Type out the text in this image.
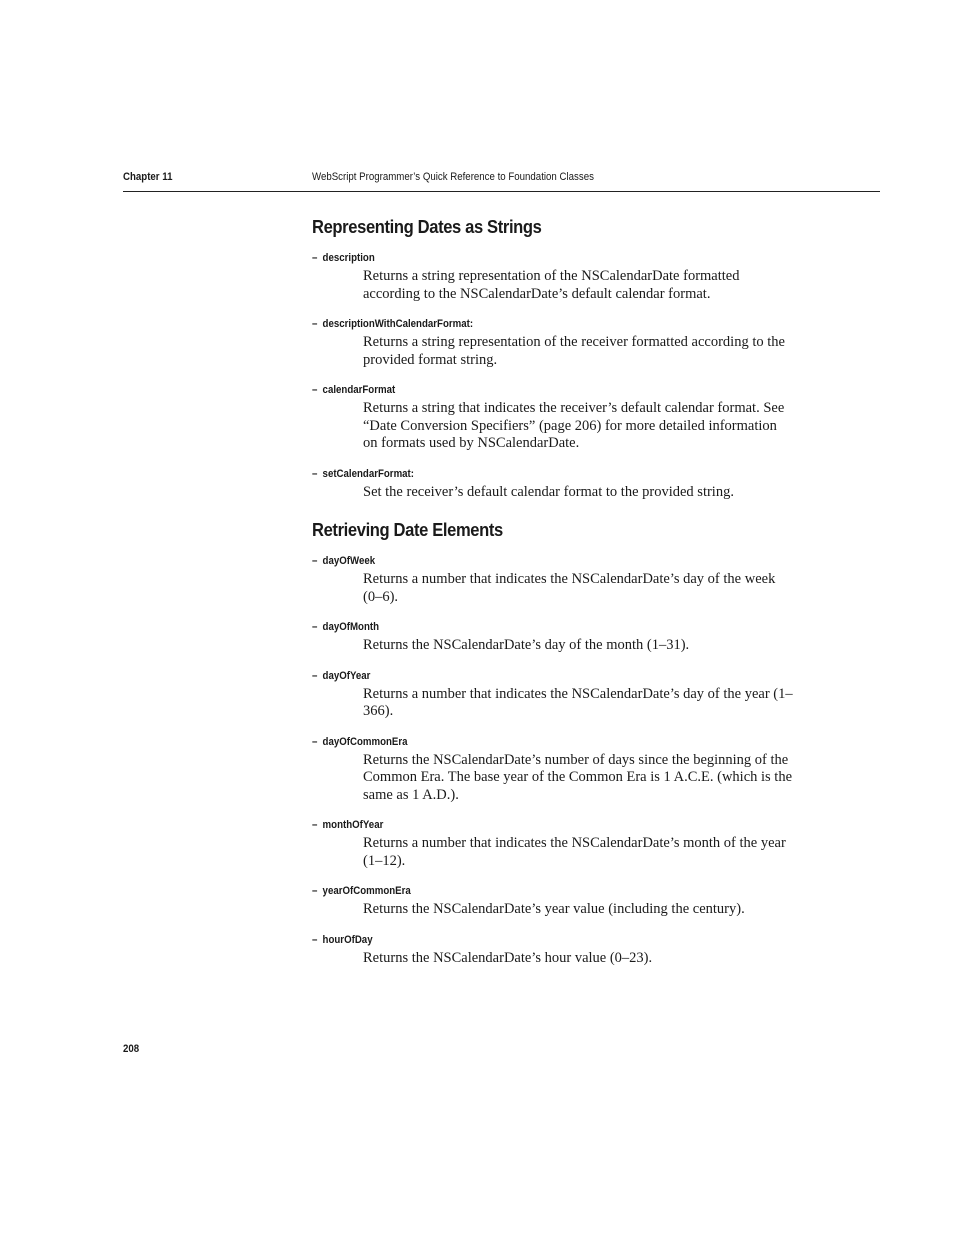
Chapter 11	WebScript Programmer’s Quick Reference to Foundation Classes
Representing Dates as Strings
– description
Returns a string representation of the NSCalendarDate formatted according to the NSCalendarDate’s default calendar format.
– descriptionWithCalendarFormat:
Returns a string representation of the receiver formatted according to the provided format string.
– calendarFormat
Returns a string that indicates the receiver’s default calendar format. See “Date Conversion Specifiers” (page 206) for more detailed information on formats used by NSCalendarDate.
– setCalendarFormat:
Set the receiver’s default calendar format to the provided string.
Retrieving Date Elements
– dayOfWeek
Returns a number that indicates the NSCalendarDate’s day of the week (0–6).
– dayOfMonth
Returns the NSCalendarDate’s day of the month (1–31).
– dayOfYear
Returns a number that indicates the NSCalendarDate’s day of the year (1–366).
– dayOfCommonEra
Returns the NSCalendarDate’s number of days since the beginning of the Common Era. The base year of the Common Era is 1 A.C.E. (which is the same as 1 A.D.).
– monthOfYear
Returns a number that indicates the NSCalendarDate’s month of the year (1–12).
– yearOfCommonEra
Returns the NSCalendarDate’s year value (including the century).
– hourOfDay
Returns the NSCalendarDate’s hour value (0–23).
208
